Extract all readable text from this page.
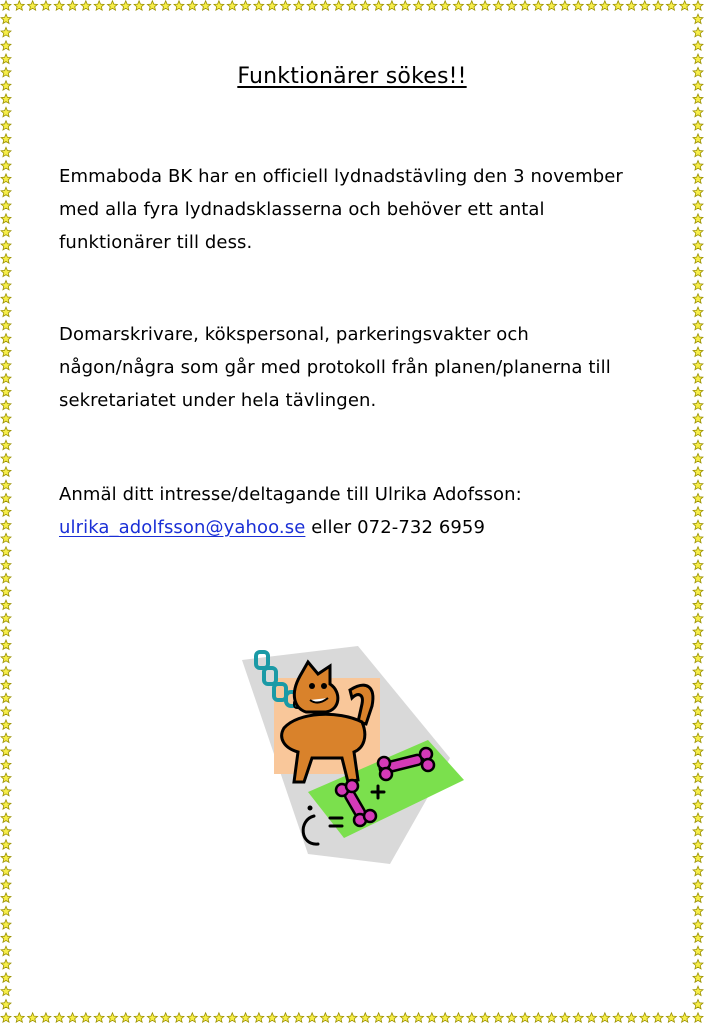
Funktionärer sökes!!

Emmaboda BK har en officiell lydnadstävling den 3 november
med alla fyra lydnadsklasserna och behöver ett antal
funktionärer till dess.

Domarskrivare, kökspersonal, parkeringsvakter och
någon/några som går med protokoll från planen/planerna till
sekretariatet under hela tävlingen.

Anmäl ditt intresse/deltagande till Ulrika Adofsson:
ulrika_adolfsson@yahoo.se eller 072-732 6959
